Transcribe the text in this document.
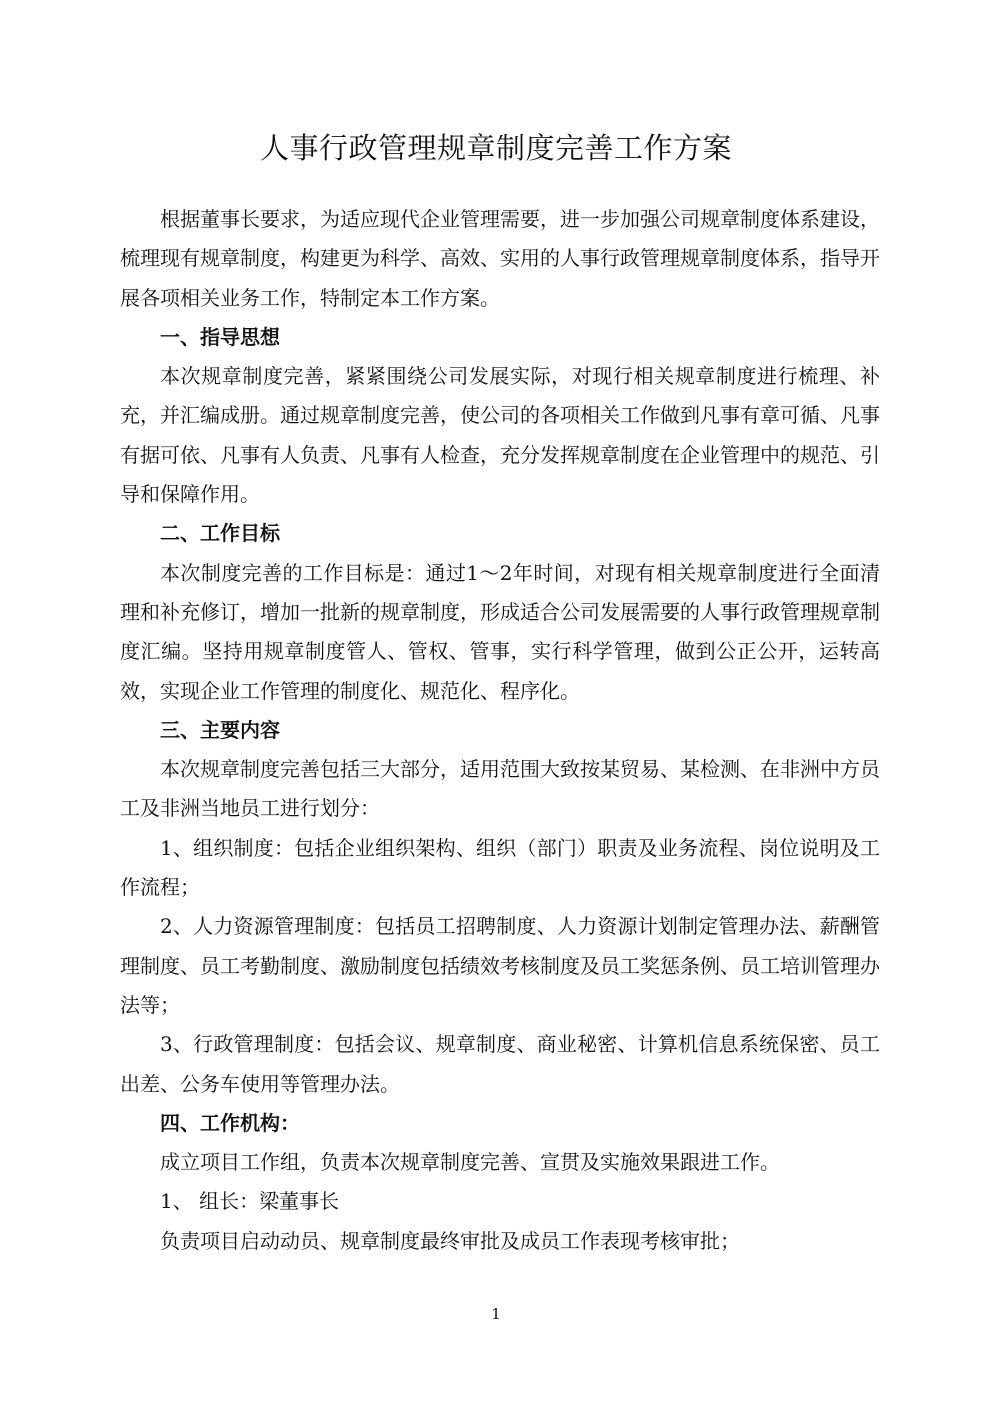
人事行政管理规章制度完善工作方案

根据董事长要求，为适应现代企业管理需要，进一步加强公司规章制度体系建设，梳理现有规章制度，构建更为科学、高效、实用的人事行政管理规章制度体系，指导开展各项相关业务工作，特制定本工作方案。

一、指导思想

本次规章制度完善，紧紧围绕公司发展实际，对现行相关规章制度进行梳理、补充，并汇编成册。通过规章制度完善，使公司的各项相关工作做到凡事有章可循、凡事有据可依、凡事有人负责、凡事有人检查，充分发挥规章制度在企业管理中的规范、引导和保障作用。

二、工作目标

本次制度完善的工作目标是：通过1～2年时间，对现有相关规章制度进行全面清理和补充修订，增加一批新的规章制度，形成适合公司发展需要的人事行政管理规章制度汇编。坚持用规章制度管人、管权、管事，实行科学管理，做到公正公开，运转高效，实现企业工作管理的制度化、规范化、程序化。

三、主要内容

本次规章制度完善包括三大部分，适用范围大致按某贸易、某检测、在非洲中方员工及非洲当地员工进行划分：

1、组织制度：包括企业组织架构、组织（部门）职责及业务流程、岗位说明及工作流程；

2、人力资源管理制度：包括员工招聘制度、人力资源计划制定管理办法、薪酬管理制度、员工考勤制度、激励制度包括绩效考核制度及员工奖惩条例、员工培训管理办法等；

3、行政管理制度：包括会议、规章制度、商业秘密、计算机信息系统保密、员工出差、公务车使用等管理办法。

四、工作机构：

成立项目工作组，负责本次规章制度完善、宣贯及实施效果跟进工作。

1、 组长：梁董事长

负责项目启动动员、规章制度最终审批及成员工作表现考核审批；

1
